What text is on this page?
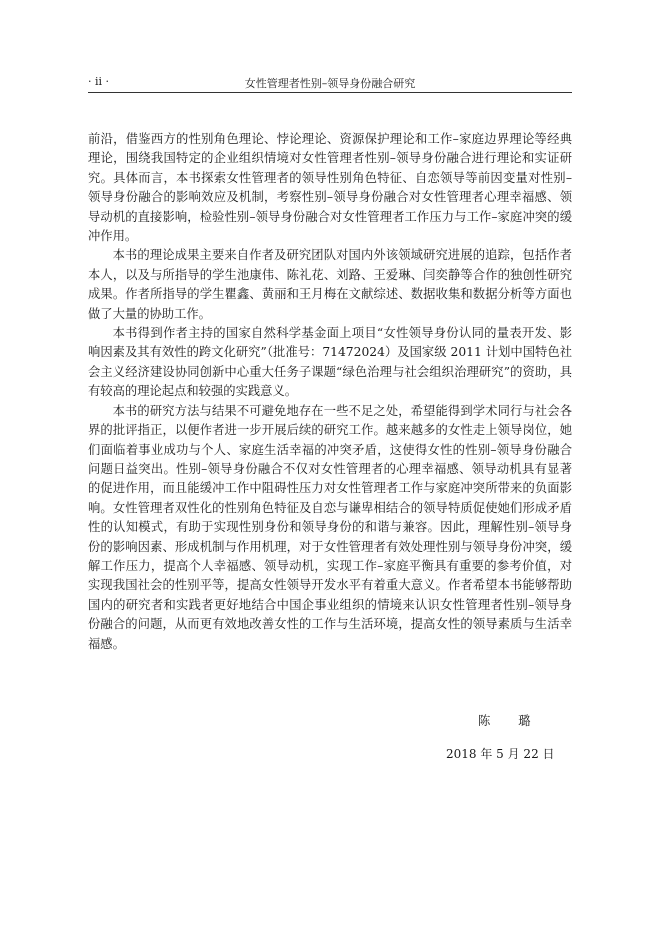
· ii ·	女性管理者性别–领导身份融合研究

前沿，借鉴西方的性别角色理论、悖论理论、资源保护理论和工作–家庭边界理论等经典理论，围绕我国特定的企业组织情境对女性管理者性别–领导身份融合进行理论和实证研究。具体而言，本书探索女性管理者的领导性别角色特征、自恋领导等前因变量对性别–领导身份融合的影响效应及机制，考察性别–领导身份融合对女性管理者心理幸福感、领导动机的直接影响，检验性别–领导身份融合对女性管理者工作压力与工作–家庭冲突的缓冲作用。

本书的理论成果主要来自作者及研究团队对国内外该领域研究进展的追踪，包括作者本人，以及与所指导的学生池康伟、陈礼花、刘路、王爱琳、闫奕静等合作的独创性研究成果。作者所指导的学生瞿鑫、黄丽和王月梅在文献综述、数据收集和数据分析等方面也做了大量的协助工作。

本书得到作者主持的国家自然科学基金面上项目“女性领导身份认同的量表开发、影响因素及其有效性的跨文化研究”（批准号：71472024）及国家级 2011 计划中国特色社会主义经济建设协同创新中心重大任务子课题“绿色治理与社会组织治理研究”的资助，具有较高的理论起点和较强的实践意义。

本书的研究方法与结果不可避免地存在一些不足之处，希望能得到学术同行与社会各界的批评指正，以便作者进一步开展后续的研究工作。越来越多的女性走上领导岗位，她们面临着事业成功与个人、家庭生活幸福的冲突矛盾，这使得女性的性别–领导身份融合问题日益突出。性别–领导身份融合不仅对女性管理者的心理幸福感、领导动机具有显著的促进作用，而且能缓冲工作中阻碍性压力对女性管理者工作与家庭冲突所带来的负面影响。女性管理者双性化的性别角色特征及自恋与谦卑相结合的领导特质促使她们形成矛盾性的认知模式，有助于实现性别身份和领导身份的和谐与兼容。因此，理解性别–领导身份的影响因素、形成机制与作用机理，对于女性管理者有效处理性别与领导身份冲突，缓解工作压力，提高个人幸福感、领导动机，实现工作–家庭平衡具有重要的参考价值，对实现我国社会的性别平等，提高女性领导开发水平有着重大意义。作者希望本书能够帮助国内的研究者和实践者更好地结合中国企事业组织的情境来认识女性管理者性别–领导身份融合的问题，从而更有效地改善女性的工作与生活环境，提高女性的领导素质与生活幸福感。

陈 璐
2018 年 5 月 22 日
